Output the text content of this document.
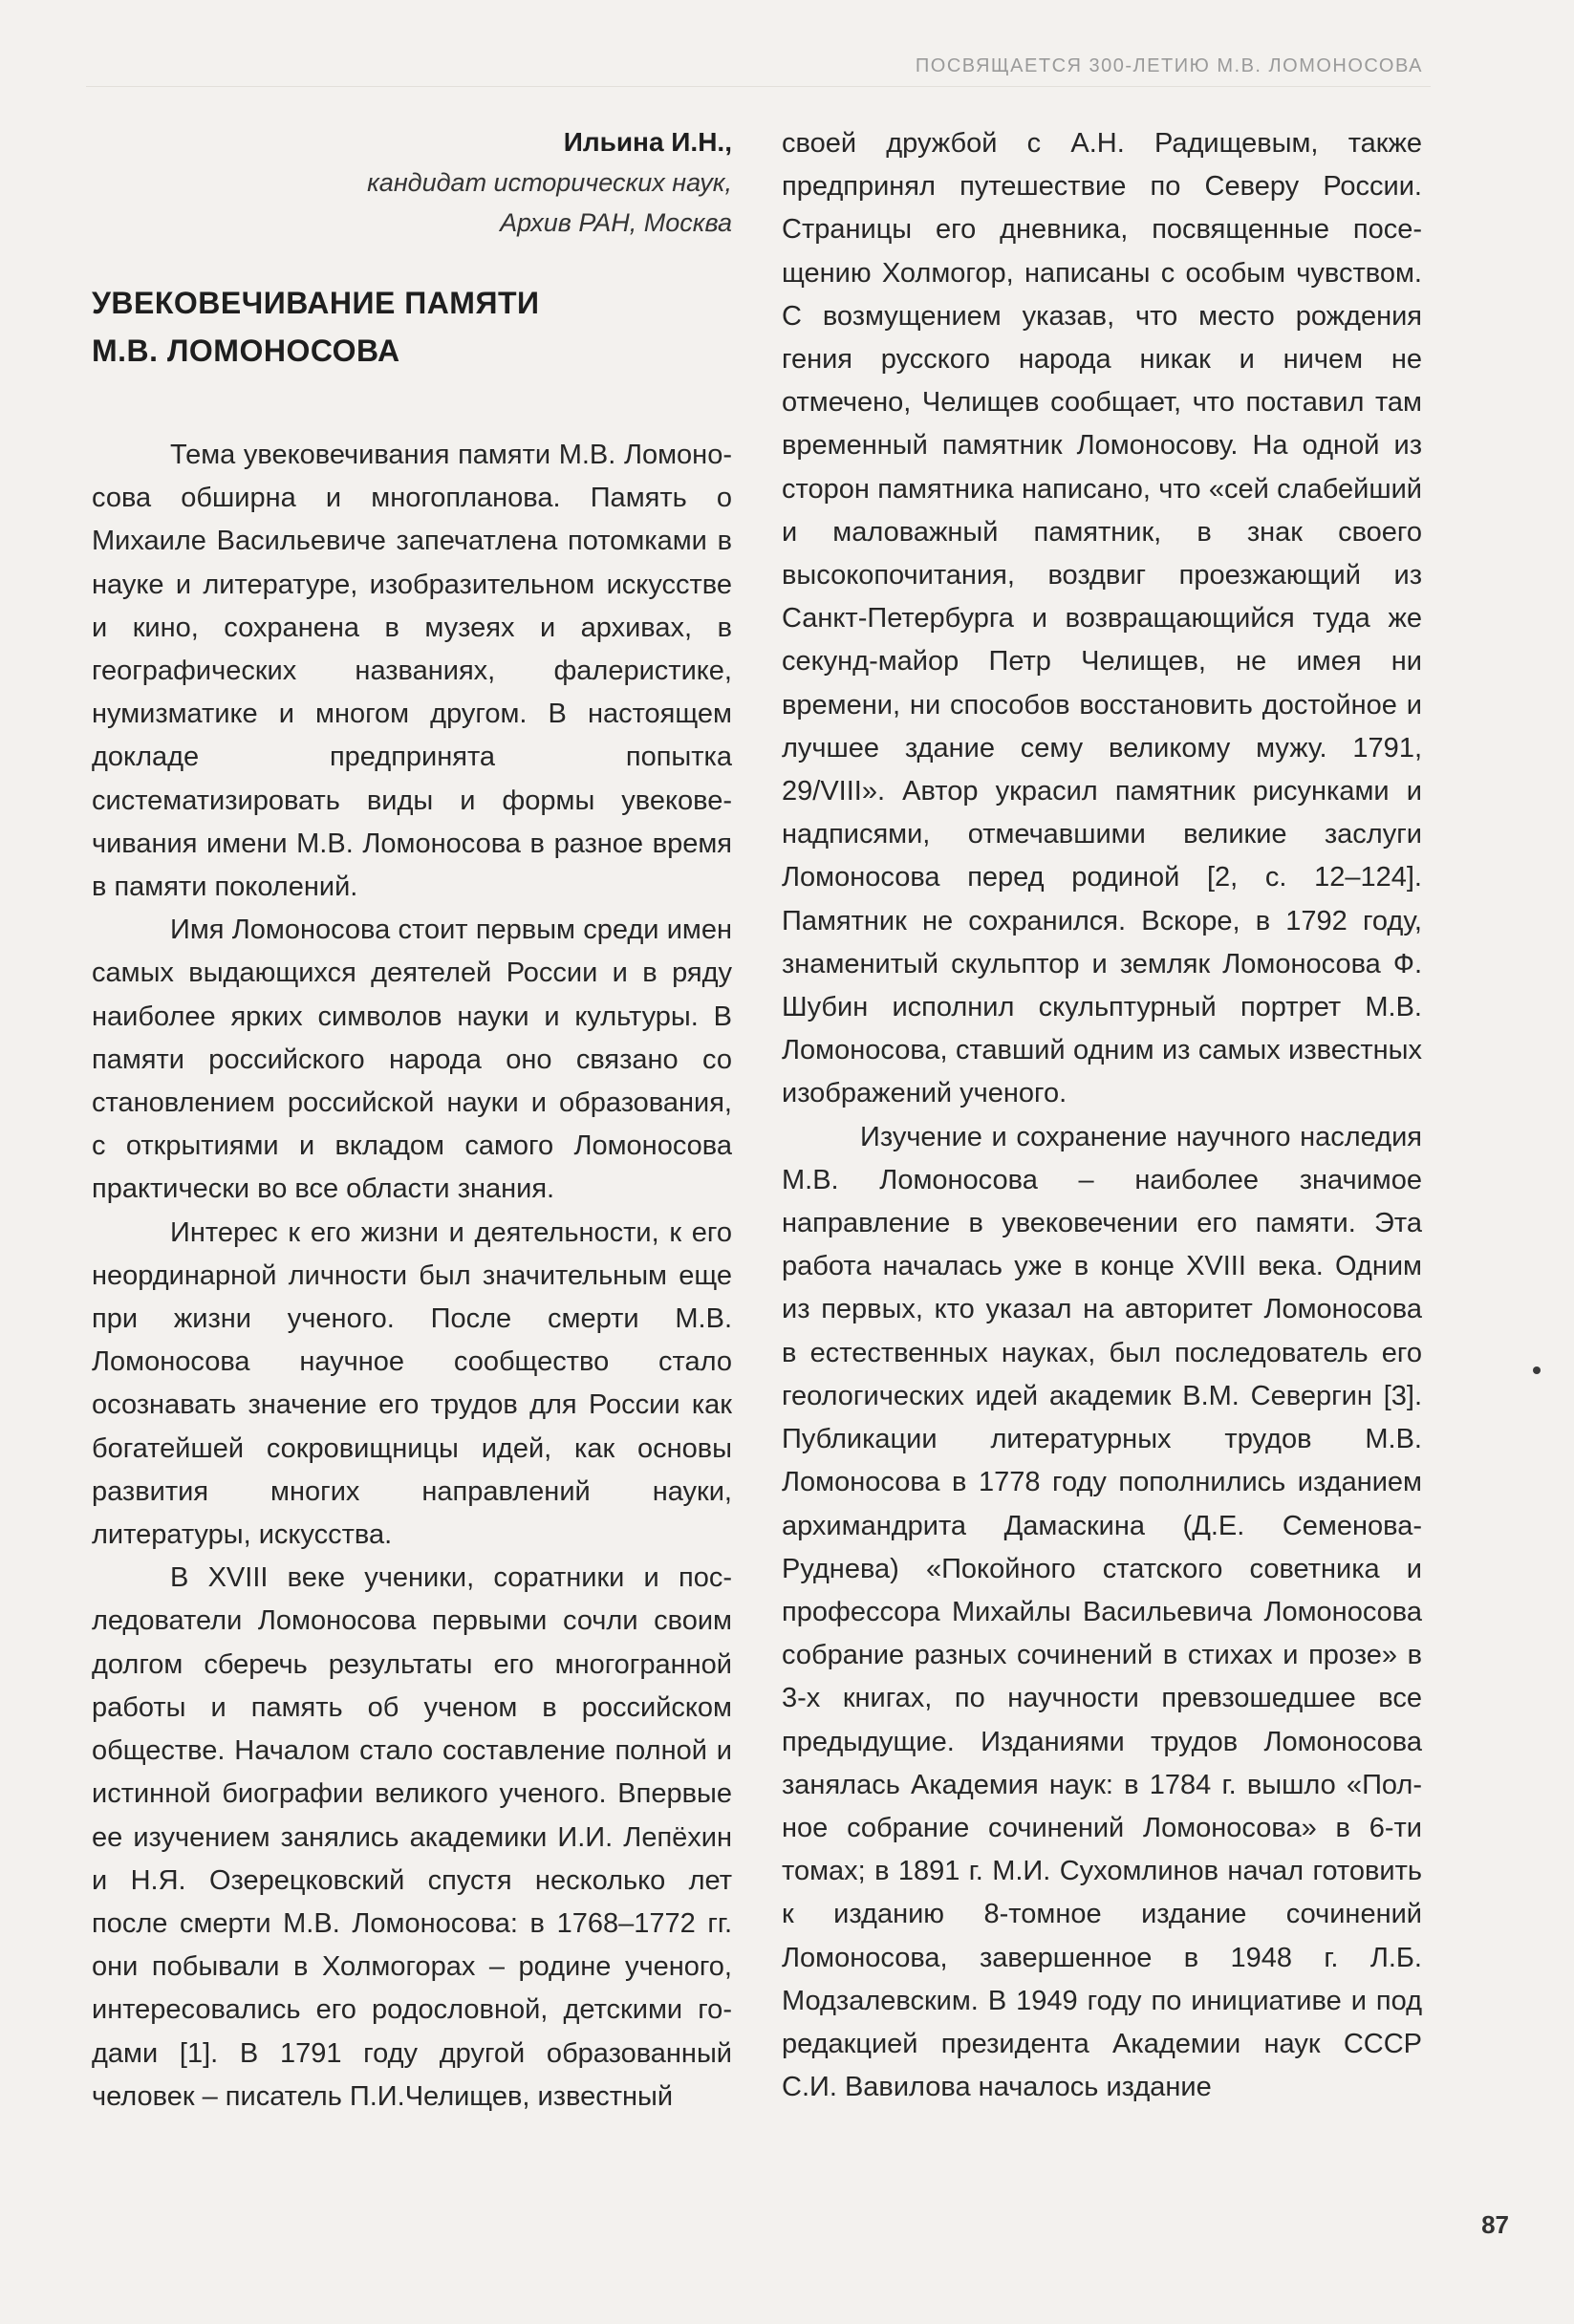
ПОСВЯЩАЕТСЯ 300-ЛЕТИЮ М.В. ЛОМОНОСОВА
Ильина И.Н.,
кандидат исторических наук,
Архив РАН, Москва
УВЕКОВЕЧИВАНИЕ ПАМЯТИ
М.В. ЛОМОНОСОВА

Тема увековечивания памяти М.В. Ломоносова обширна и многопланова. Память о Михаиле Васильевиче запечатлена потомками в науке и литературе, изобразительном искусстве и кино, сохранена в музеях и архивах, в географических названиях, фалеристике, нумизматике и многом другом. В настоящем докладе предпринята попытка систематизировать виды и формы увековечивания имени М.В. Ломоносова в разное время в памяти поколений.

Имя Ломоносова стоит первым среди имен самых выдающихся деятелей России и в ряду наиболее ярких символов науки и культуры. В памяти российского народа оно связано со становлением российской науки и образования, с открытиями и вкладом самого Ломоносова практически во все области знания.

Интерес к его жизни и деятельности, к его неординарной личности был значительным еще при жизни ученого. После смерти М.В. Ломоносова научное сообщество стало осознавать значение его трудов для России как богатейшей сокровищницы идей, как основы развития многих направлений науки, литературы, искусства.

В XVIII веке ученики, соратники и последователи Ломоносова первыми сочли своим долгом сберечь результаты его многогранной работы и память об ученом в российском обществе. Началом стало составление полной и истинной биографии великого ученого. Впервые ее изучением занялись академики И.И. Лепёхин и Н.Я. Озерецковский спустя несколько лет после смерти М.В. Ломоносова: в 1768–1772 гг. они побывали в Холмогорах – родине ученого, интересовались его родословной, детскими годами [1]. В 1791 году другой образованный человек – писатель П.И.Челищев, известный

своей дружбой с А.Н. Радищевым, также предпринял путешествие по Северу России. Страницы его дневника, посвященные посещению Холмогор, написаны с особым чувством. С возмущением указав, что место рождения гения русского народа никак и ничем не отмечено, Челищев сообщает, что поставил там временный памятник Ломоносову. На одной из сторон памятника написано, что «сей слабейший и маловажный памятник, в знак своего высокопочитания, воздвиг проезжающий из Санкт-Петербурга и возвращающийся туда же секунд-майор Петр Челищев, не имея ни времени, ни способов восстановить достойное и лучшее здание сему великому мужу. 1791, 29/VIII». Автор украсил памятник рисунками и надписями, отмечавшими великие заслуги Ломоносова перед родиной [2, с. 12–124]. Памятник не сохранился. Вскоре, в 1792 году, знаменитый скульптор и земляк Ломоносова Ф. Шубин исполнил скульптурный портрет М.В. Ломоносова, ставший одним из самых известных изображений ученого.

Изучение и сохранение научного наследия М.В. Ломоносова – наиболее значимое направление в увековечении его памяти. Эта работа началась уже в конце XVIII века. Одним из первых, кто указал на авторитет Ломоносова в естественных науках, был последователь его геологических идей академик В.М. Севергин [3]. Публикации литературных трудов М.В. Ломоносова в 1778 году пополнились изданием архимандрита Дамаскина (Д.Е. Семенова-Руднева) «Покойного статского советника и профессора Михайлы Васильевича Ломоносова собрание разных сочинений в стихах и прозе» в 3-х книгах, по научности превзошедшее все предыдущие. Изданиями трудов Ломоносова занялась Академия наук: в 1784 г. вышло «Полное собрание сочинений Ломоносова» в 6-ти томах; в 1891 г. М.И. Сухомлинов начал готовить к изданию 8-томное издание сочинений Ломоносова, завершенное в 1948 г. Л.Б. Модзалевским. В 1949 году по инициативе и под редакцией президента Академии наук СССР С.И. Вавилова началось издание

87
